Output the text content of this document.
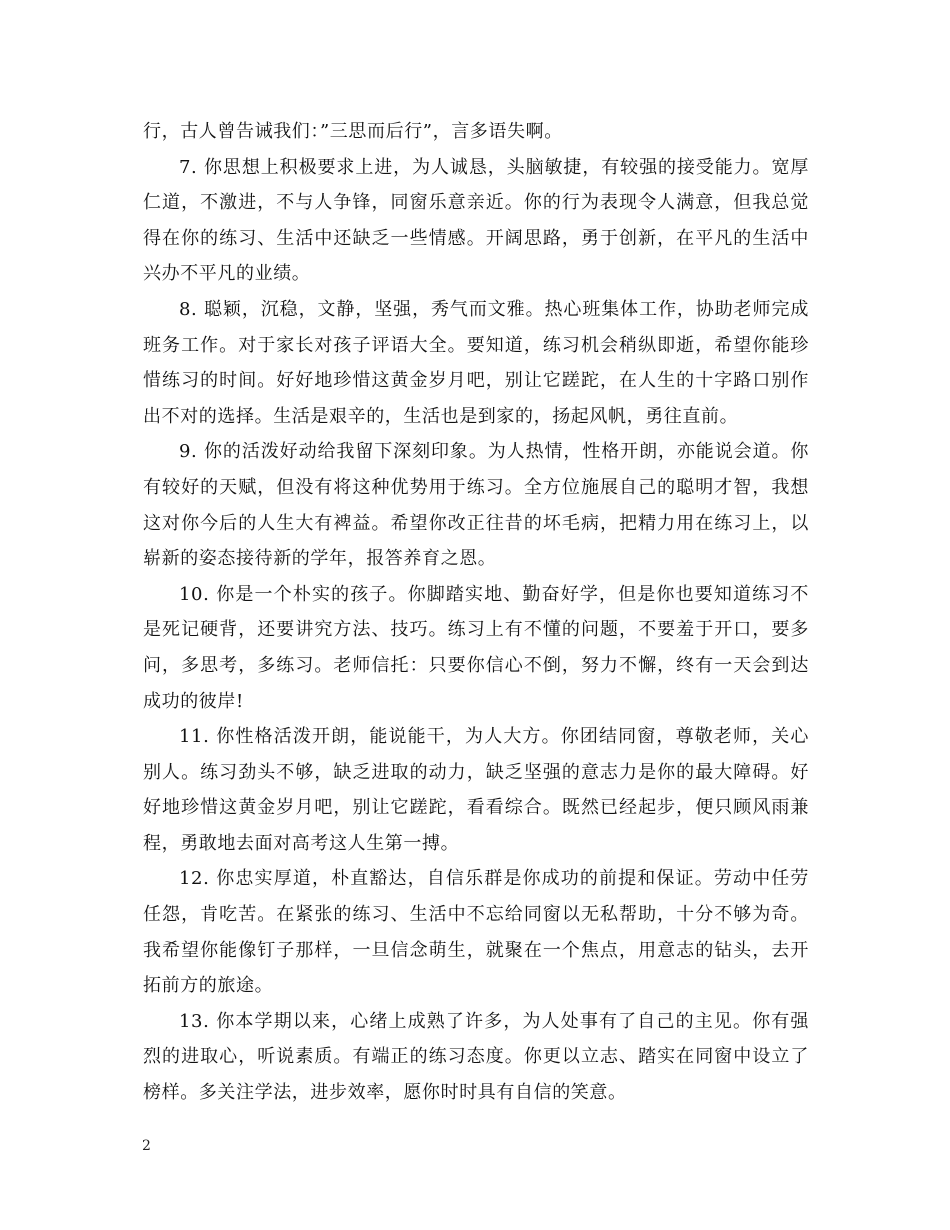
行，古人曾告诫我们：”三思而后行”，言多语失啊。

7. 你思想上积极要求上进，为人诚恳，头脑敏捷，有较强的接受能力。宽厚仁道，不激进，不与人争锋，同窗乐意亲近。你的行为表现令人满意，但我总觉得在你的练习、生活中还缺乏一些情感。开阔思路，勇于创新，在平凡的生活中兴办不平凡的业绩。

8. 聪颖，沉稳，文静，坚强，秀气而文雅。热心班集体工作，协助老师完成班务工作。对于家长对孩子评语大全。要知道，练习机会稍纵即逝，希望你能珍惜练习的时间。好好地珍惜这黄金岁月吧，别让它蹉跎，在人生的十字路口别作出不对的选择。生活是艰辛的，生活也是到家的，扬起风帆，勇往直前。

9. 你的活泼好动给我留下深刻印象。为人热情，性格开朗，亦能说会道。你有较好的天赋，但没有将这种优势用于练习。全方位施展自己的聪明才智，我想这对你今后的人生大有裨益。希望你改正往昔的坏毛病，把精力用在练习上，以崭新的姿态接待新的学年，报答养育之恩。

10. 你是一个朴实的孩子。你脚踏实地、勤奋好学，但是你也要知道练习不是死记硬背，还要讲究方法、技巧。练习上有不懂的问题，不要羞于开口，要多问，多思考，多练习。老师信托：只要你信心不倒，努力不懈，终有一天会到达成功的彼岸!

11. 你性格活泼开朗，能说能干，为人大方。你团结同窗，尊敬老师，关心别人。练习劲头不够，缺乏进取的动力，缺乏坚强的意志力是你的最大障碍。好好地珍惜这黄金岁月吧，别让它蹉跎，看看综合。既然已经起步，便只顾风雨兼程，勇敢地去面对高考这人生第一搏。

12. 你忠实厚道，朴直豁达，自信乐群是你成功的前提和保证。劳动中任劳任怨，肯吃苦。在紧张的练习、生活中不忘给同窗以无私帮助，十分不够为奇。我希望你能像钉子那样，一旦信念萌生，就聚在一个焦点，用意志的钻头，去开拓前方的旅途。

13. 你本学期以来，心绪上成熟了许多，为人处事有了自己的主见。你有强烈的进取心，听说素质。有端正的练习态度。你更以立志、踏实在同窗中设立了榜样。多关注学法，进步效率，愿你时时具有自信的笑意。

2
